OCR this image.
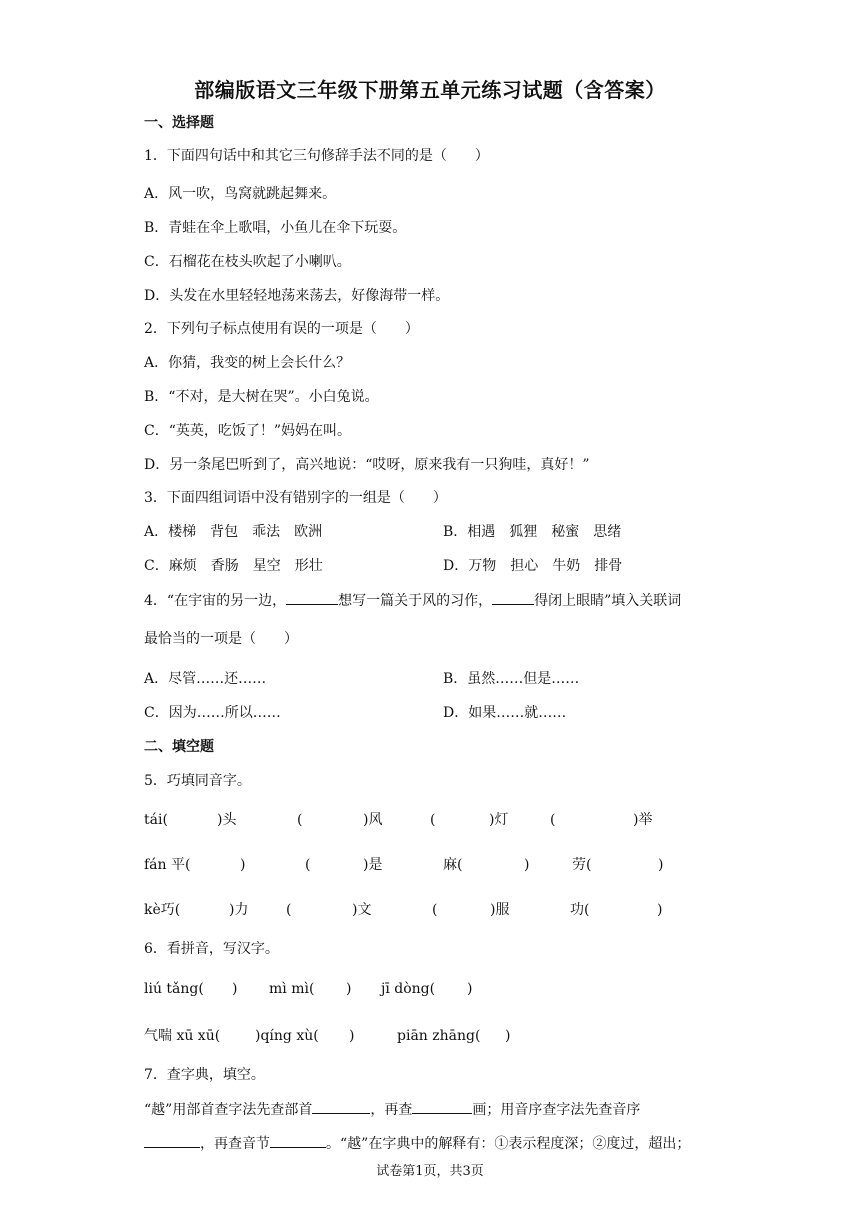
部编版语文三年级下册第五单元练习试题（含答案）
一、选择题
1．下面四句话中和其它三句修辞手法不同的是（　　）
A．风一吹，鸟窝就跳起舞来。
B．青蛙在伞上歌唱，小鱼儿在伞下玩耍。
C．石榴花在枝头吹起了小喇叭。
D．头发在水里轻轻地荡来荡去，好像海带一样。
2．下列句子标点使用有误的一项是（　　）
A．你猜，我变的树上会长什么？
B．“不对，是大树在哭”。小白兔说。
C．“英英，吃饭了！”妈妈在叫。
D．另一条尾巴听到了，高兴地说：“哎呀，原来我有一只狗哇，真好！”
3．下面四组词语中没有错别字的一组是（　　）
A．楼梯　背包　乖法　欧洲	B．相遇　狐狸　秘蜜　思绪
C．麻烦　香肠　星空　形壮	D．万物　担心　牛奶　排骨
4．“在宇宙的另一边，	想写一篇关于风的习作，	得闭上眼睛”填入关联词
最恰当的一项是（　　）
A．尽管……还……	B．虽然……但是……
C．因为……所以……	D．如果……就……
二、填空题
5．巧填同音字。
tái(	)头	(	)风	(	)灯	(	)举
fán 平(	)	(	)是	麻(	)	劳(	)
kè巧(	)力	(	)文	(	)服	功(	)
6．看拼音，写汉字。
liú tǎng( ) mì mì( ) jī dòng( )
气喘 xū xū( )qíng xù( )	piān zhāng( )
7．查字典，填空。
“越”用部首查字法先查部首	，再查	画；用音序查字法先查音序
，再查音节	。“越”在字典中的解释有：①表示程度深；②度过，超出；
试卷第1页，共3页
